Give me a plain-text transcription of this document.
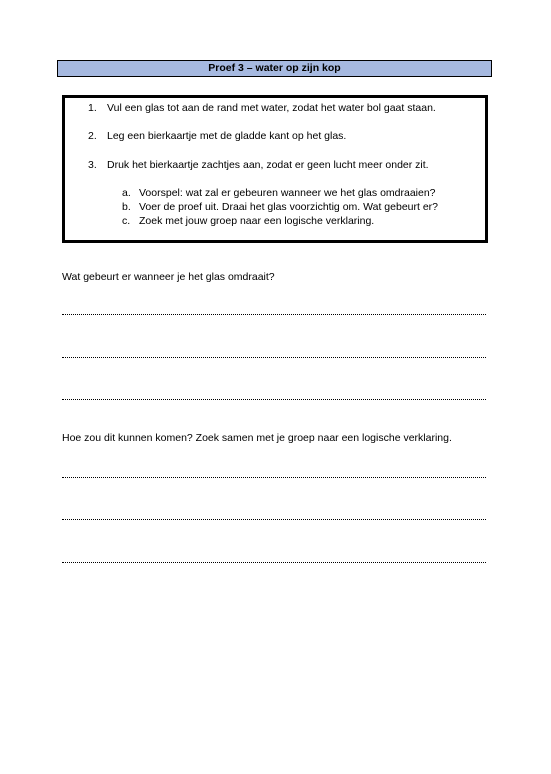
Proef 3 – water op zijn kop
1. Vul een glas tot aan de rand met water, zodat het water bol gaat staan.
2. Leg een bierkaartje met de gladde kant op het glas.
3. Druk het bierkaartje zachtjes aan, zodat er geen lucht meer onder zit.
a. Voorspel: wat zal er gebeuren wanneer we het glas omdraaien?
b. Voer de proef uit. Draai het glas voorzichtig om. Wat gebeurt er?
c. Zoek met jouw groep naar een logische verklaring.
Wat gebeurt er wanneer je het glas omdraait?
Hoe zou dit kunnen komen? Zoek samen met je groep naar een logische verklaring.
